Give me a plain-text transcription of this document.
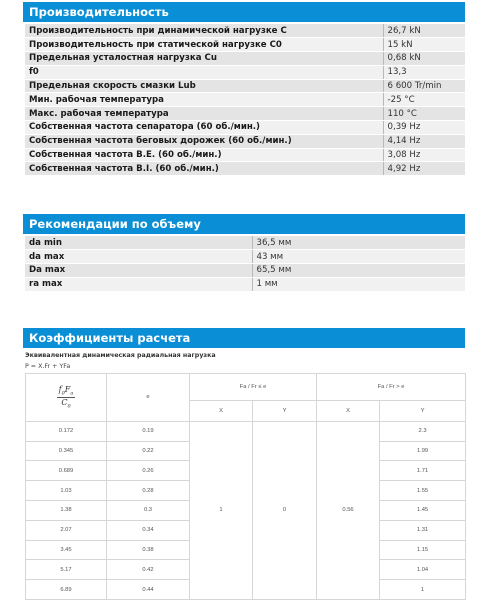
Производительность
Производительность при динамической нагрузке C	26,7 kN
Производительность при статической нагрузке C0	15 kN
Предельная усталостная нагрузка Cu	0,68 kN
f0	13,3
Предельная скорость смазки Lub	6 600 Tr/min
Мин. рабочая температура	-25 °C
Макс. рабочая температура	110 °C
Собственная частота сепаратора (60 об./мин.)	0,39 Hz
Собственная частота беговых дорожек (60 об./мин.)	4,14 Hz
Собственная частота B.E. (60 об./мин.)	3,08 Hz
Собственная частота B.I. (60 об./мин.)	4,92 Hz
Рекомендации по объему
da min	36,5 мм
da max	43 мм
Da max	65,5 мм
ra max	1 мм
Коэффициенты расчета
Эквивалентная динамическая радиальная нагрузка
P = X.Fr + YFa
$\frac{f_0F_a}{C_0}$	e	Fa / Fr ≤ e		Fa / Fr > e	
		X	Y	X	Y
0.172	0.19	1	0	0.56	2.3
0.345	0.22				1.99
0.689	0.26				1.71
1.03	0.28				1.55
1.38	0.3				1.45
2.07	0.34				1.31
3.45	0.38				1.15
5.17	0.42				1.04
6.89	0.44				1
